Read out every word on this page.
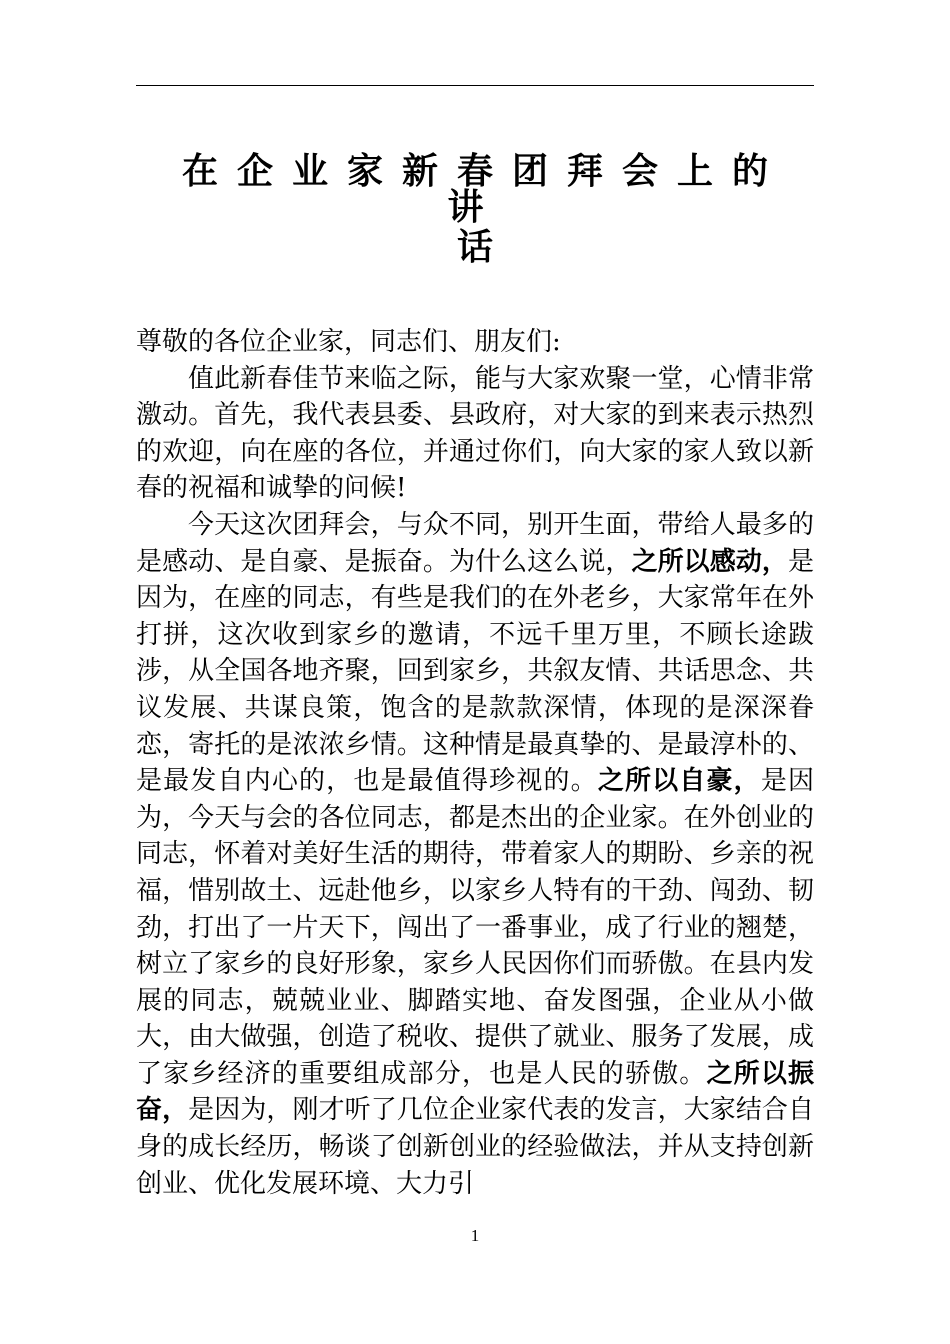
在企业家新春团拜会上的讲
话

尊敬的各位企业家，同志们、朋友们:

值此新春佳节来临之际，能与大家欢聚一堂，心情非常激动。首先，我代表县委、县政府，对大家的到来表示热烈的欢迎，向在座的各位，并通过你们，向大家的家人致以新春的祝福和诚挚的问候!

今天这次团拜会，与众不同，别开生面，带给人最多的是感动、是自豪、是振奋。为什么这么说，之所以感动，是因为，在座的同志，有些是我们的在外老乡，大家常年在外打拼，这次收到家乡的邀请，不远千里万里，不顾长途跋涉，从全国各地齐聚，回到家乡，共叙友情、共话思念、共议发展、共谋良策，饱含的是款款深情，体现的是深深眷恋，寄托的是浓浓乡情。这种情是最真挚的、是最淳朴的、是最发自内心的，也是最值得珍视的。之所以自豪，是因为，今天与会的各位同志，都是杰出的企业家。在外创业的同志，怀着对美好生活的期待，带着家人的期盼、乡亲的祝福，惜别故土、远赴他乡，以家乡人特有的干劲、闯劲、韧劲，打出了一片天下，闯出了一番事业，成了行业的翘楚，树立了家乡的良好形象，家乡人民因你们而骄傲。在县内发展的同志，兢兢业业、脚踏实地、奋发图强，企业从小做大，由大做强，创造了税收、提供了就业、服务了发展，成了家乡经济的重要组成部分，也是人民的骄傲。之所以振奋，是因为，刚才听了几位企业家代表的发言，大家结合自身的成长经历，畅谈了创新创业的经验做法，并从支持创新创业、优化发展环境、大力引

1
